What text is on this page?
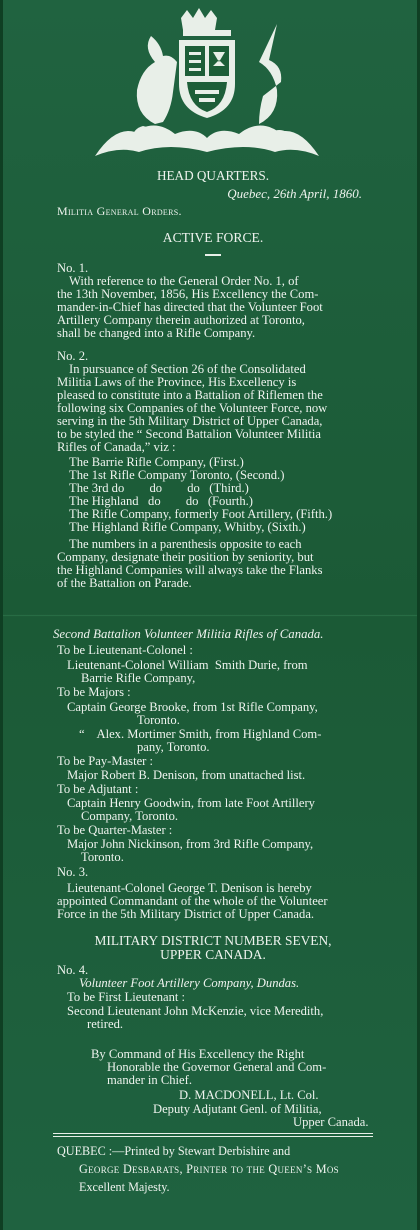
HEAD QUARTERS.
Quebec, 26th April, 1860.
Militia General Orders.
ACTIVE FORCE.
No. 1.
With reference to the General Order No. 1, of
the 13th November, 1856, His Excellency the Com-
mander-in-Chief has directed that the Volunteer Foot
Artillery Company therein authorized at Toronto,
shall be changed into a Rifle Company.
No. 2.
In pursuance of Section 26 of the Consolidated
Militia Laws of the Province, His Excellency is
pleased to constitute into a Battalion of Riflemen the
following six Companies of the Volunteer Force, now
serving in the 5th Military District of Upper Canada,
to be styled the “ Second Battalion Volunteer Militia
Rifles of Canada,” viz :
The Barrie Rifle Company, (First.)
The 1st Rifle Company Toronto, (Second.)
The 3rd do        do        do   (Third.)
The Highland   do        do   (Fourth.)
The Rifle Company, formerly Foot Artillery, (Fifth.)
The Highland Rifle Company, Whitby, (Sixth.)
The numbers in a parenthesis opposite to each
Company, designate their position by seniority, but
the Highland Companies will always take the Flanks
of the Battalion on Parade.
Second Battalion Volunteer Militia Rifles of Canada.
To be Lieutenant-Colonel :
Lieutenant-Colonel William  Smith Durie, from
Barrie Rifle Company,
To be Majors :
Captain George Brooke, from 1st Rifle Company,
Toronto.
“    Alex. Mortimer Smith, from Highland Com-
pany, Toronto.
To be Pay-Master :
Major Robert B. Denison, from unattached list.
To be Adjutant :
Captain Henry Goodwin, from late Foot Artillery
Company, Toronto.
To be Quarter-Master :
Major John Nickinson, from 3rd Rifle Company,
Toronto.
No. 3.
Lieutenant-Colonel George T. Denison is hereby
appointed Commandant of the whole of the Volunteer
Force in the 5th Military District of Upper Canada.
MILITARY DISTRICT NUMBER SEVEN,
UPPER CANADA.
No. 4.
Volunteer Foot Artillery Company, Dundas.
To be First Lieutenant :
Second Lieutenant John McKenzie, vice Meredith,
retired.
By Command of His Excellency the Right
Honorable the Governor General and Com-
mander in Chief.
D. MACDONELL, Lt. Col.
Deputy Adjutant Genl. of Militia,
Upper Canada.
QUEBEC :—Printed by Stewart Derbishire and
George Desbarats, Printer to the Queen’s Mos
Excellent Majesty.
